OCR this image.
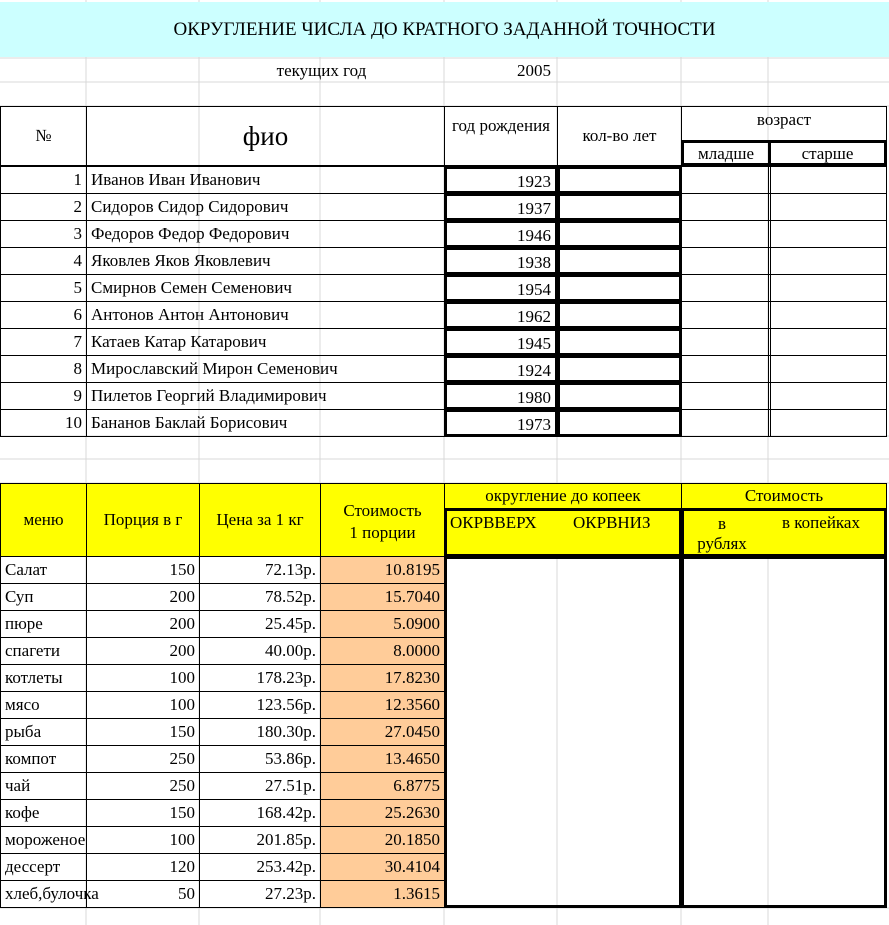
ОКРУГЛЕНИЕ ЧИСЛА ДО КРАТНОГО ЗАДАННОЙ ТОЧНОСТИ
текущих год	2005
№	фио	год рождения
кол-во лет
возраст
младше	старше
1 Иванов Иван Иванович	1923
2 Сидоров Сидор Сидорович	1937
3 Федоров Федор Федорович	1946
4 Яковлев Яков Яковлевич	1938
5 Смирнов Семен Семенович	1954
6 Антонов Антон Антонович	1962
7 Катаев Катар Катарович	1945
8 Мирославский Мирон Семенович	1924
9 Пилетов Георгий Владимирович	1980
10 Бананов Баклай Борисович	1973
меню	Порция в г	Цена за 1 кг	Стоимость
1 порции
округление до копеек
ОКРВВЕРХ ОКРВНИЗ
Стоимость
в рублях
в копейках
Салат	150	72.13р.	10.8195
Суп	200	78.52р.	15.7040
пюре	200	25.45р.	5.0900
спагети	200	40.00р.	8.0000
котлеты	100	178.23р.	17.8230
мясо	100	123.56р.	12.3560
рыба	150	180.30р.	27.0450
компот	250	53.86р.	13.4650
чай	250	27.51р.	6.8775
кофе	150	168.42р.	25.2630
мороженое	100	201.85р.	20.1850
дессерт	120	253.42р.	30.4104
хлеб,булочка	50	27.23р.	1.3615
